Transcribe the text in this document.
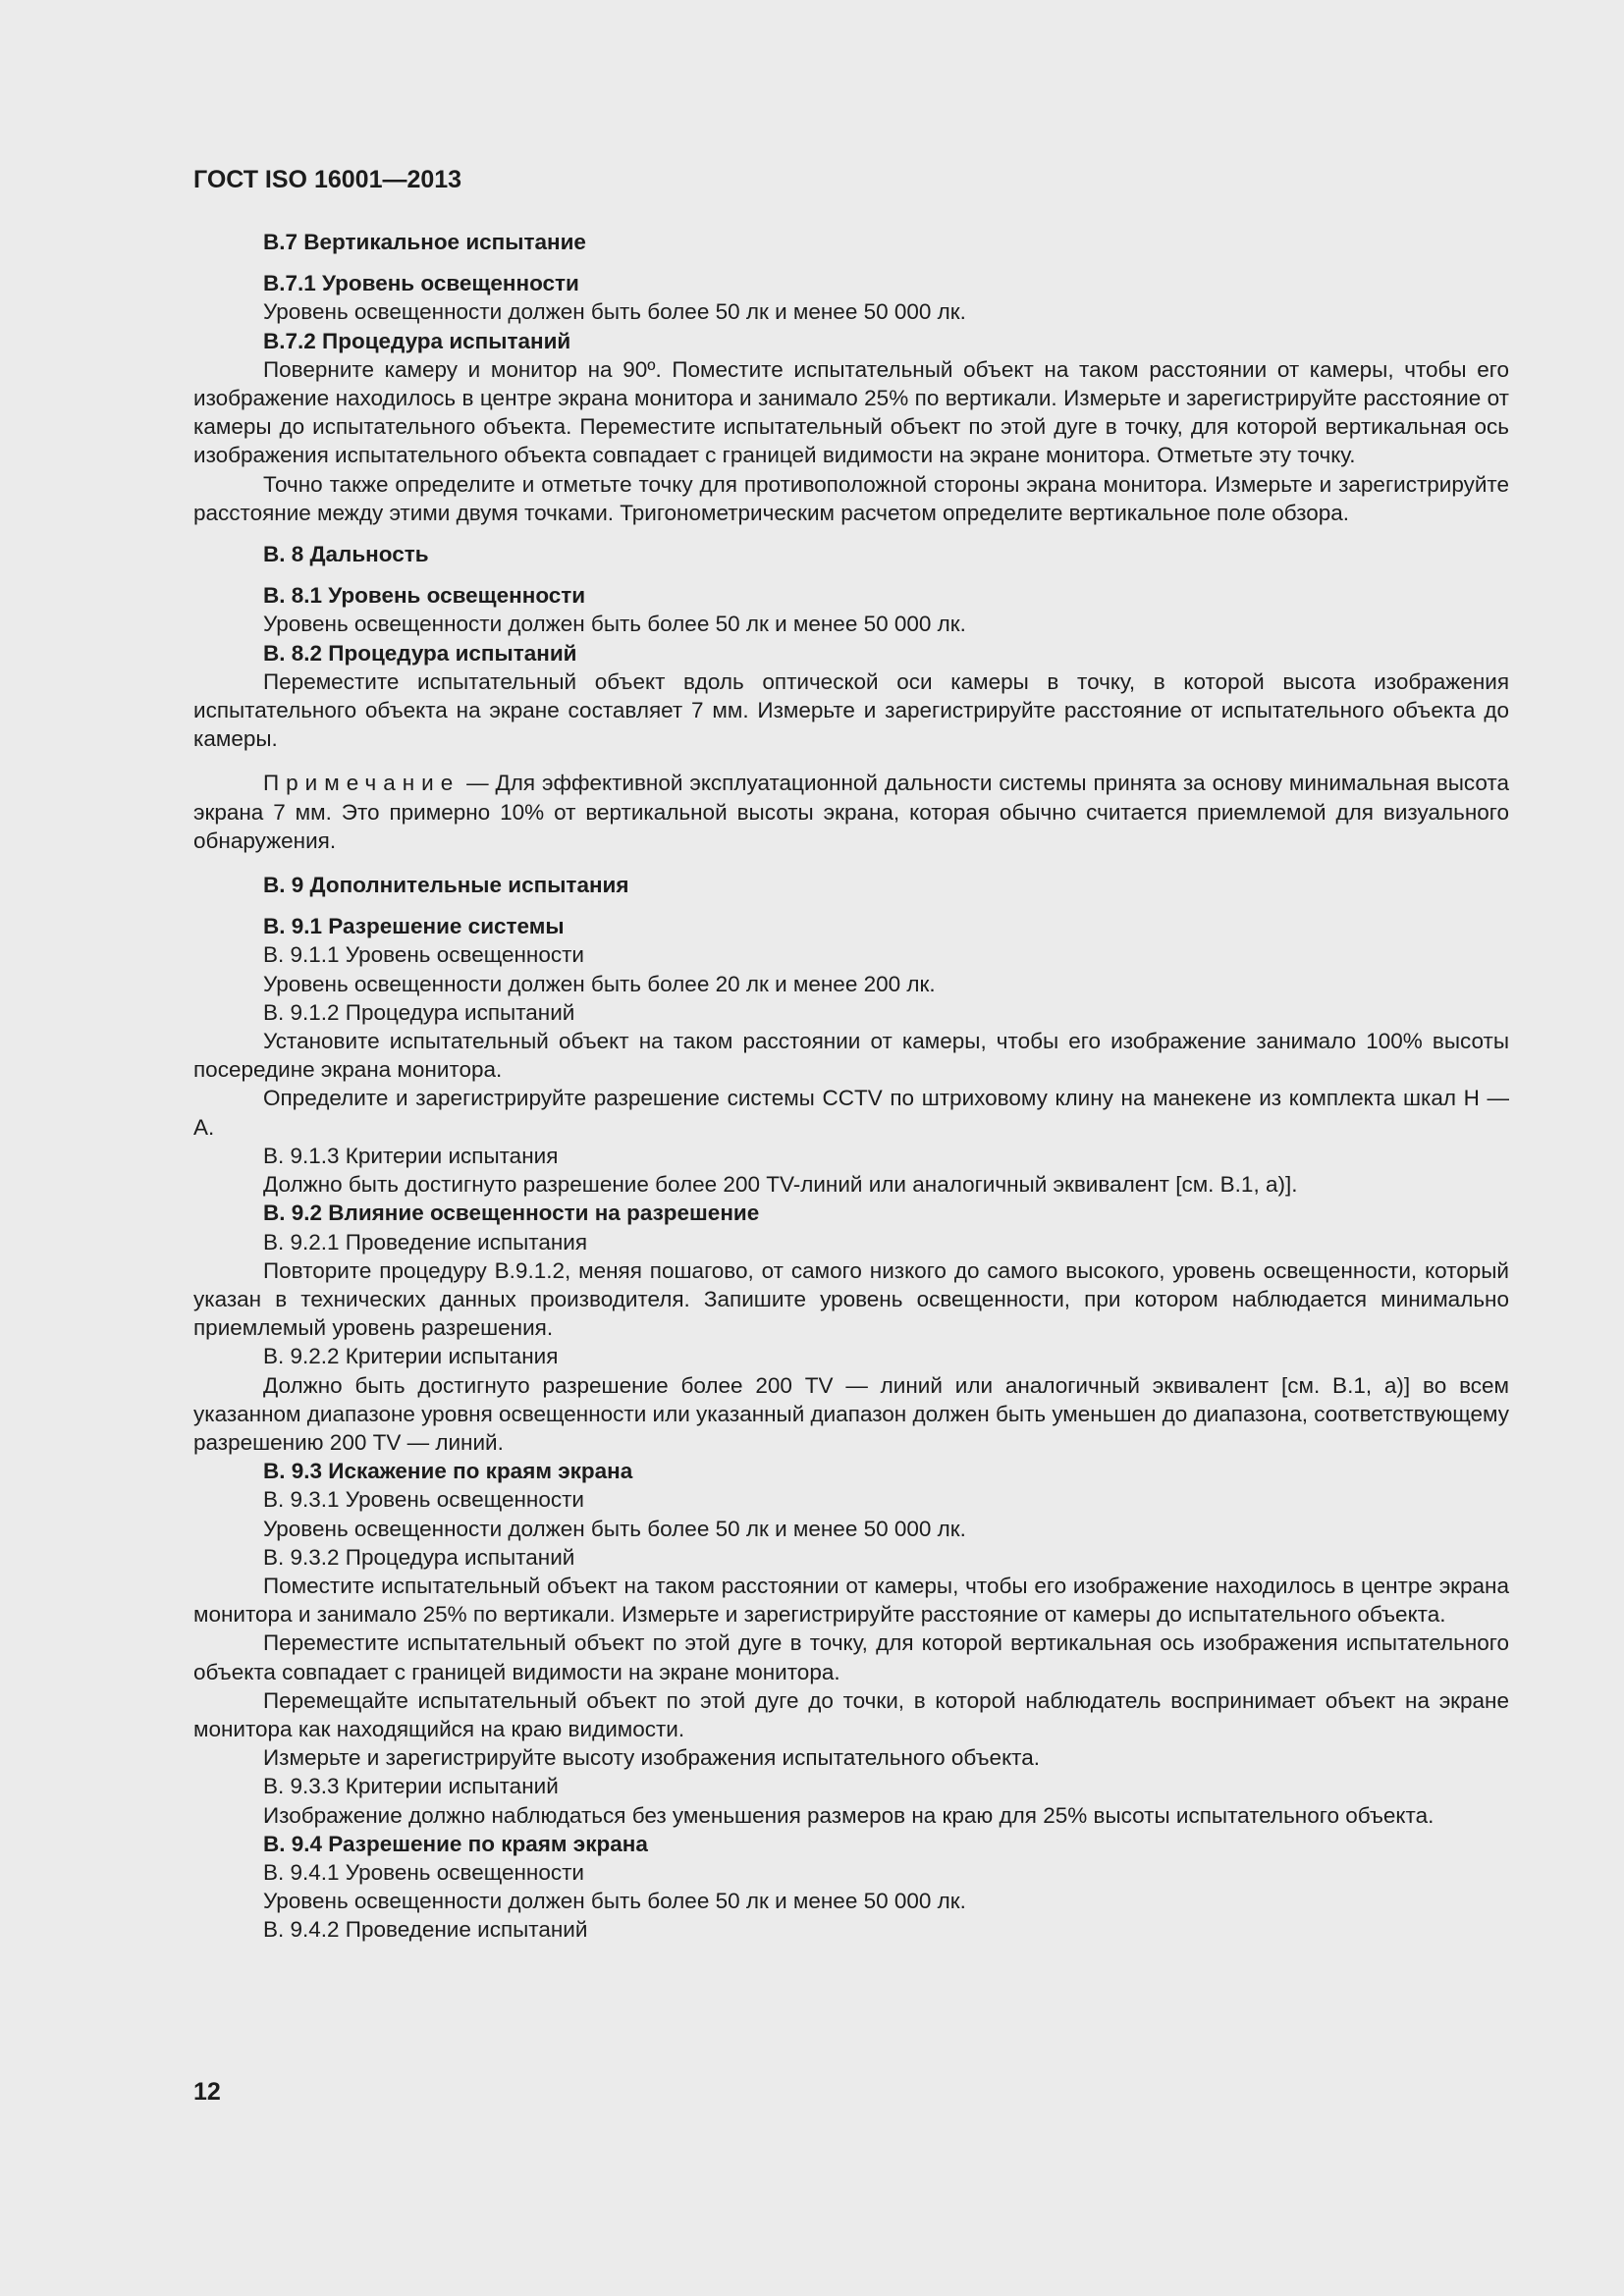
ГОСТ ISO 16001—2013

В.7 Вертикальное испытание

В.7.1 Уровень освещенности

Уровень освещенности должен быть более 50 лк и менее 50 000 лк.

В.7.2 Процедура испытаний

Поверните камеру и монитор на 90º. Поместите испытательный объект на таком расстоянии от камеры, чтобы его изображение находилось в центре экрана монитора и занимало 25% по вертикали. Измерьте и зарегистрируйте расстояние от камеры до испытательного объекта. Переместите испытательный объект по этой дуге в точку, для которой вертикальная ось изображения испытательного объекта совпадает с границей видимости на экране монитора. Отметьте эту точку.

Точно также определите и отметьте точку для противоположной стороны экрана монитора. Измерьте и зарегистрируйте расстояние между этими двумя точками. Тригонометрическим расчетом определите вертикальное поле обзора.

В. 8 Дальность

В. 8.1 Уровень освещенности

Уровень освещенности должен быть более 50 лк и менее 50 000 лк.

В. 8.2 Процедура испытаний

Переместите испытательный объект вдоль оптической оси камеры в точку, в которой высота изображения испытательного объекта на экране составляет 7 мм. Измерьте и зарегистрируйте расстояние от испытательного объекта до камеры.

Примечание — Для эффективной эксплуатационной дальности системы принята за основу минимальная высота экрана 7 мм. Это примерно 10% от вертикальной высоты экрана, которая обычно считается приемлемой для визуального обнаружения.

В. 9 Дополнительные испытания

В. 9.1 Разрешение системы

В. 9.1.1 Уровень освещенности

Уровень освещенности должен быть более 20 лк и менее 200 лк.

В. 9.1.2 Процедура испытаний

Установите испытательный объект на таком расстоянии от камеры, чтобы его изображение занимало 100% высоты посередине экрана монитора.

Определите и зарегистрируйте разрешение системы CCTV по штриховому клину на манекене из комплекта шкал Н — А.

В. 9.1.3 Критерии испытания

Должно быть достигнуто разрешение более 200 TV-линий или аналогичный эквивалент [см. В.1, а)].

В. 9.2 Влияние освещенности на разрешение

В. 9.2.1 Проведение испытания

Повторите процедуру В.9.1.2, меняя пошагово, от самого низкого до самого высокого, уровень освещенности, который указан в технических данных производителя. Запишите уровень освещенности, при котором наблюдается минимально приемлемый уровень разрешения.

В. 9.2.2 Критерии испытания

Должно быть достигнуто разрешение более 200 TV — линий или аналогичный эквивалент [см. В.1, а)] во всем указанном диапазоне уровня освещенности или указанный диапазон должен быть уменьшен до диапазона, соответствующему разрешению 200 TV — линий.

В. 9.3 Искажение по краям экрана

В. 9.3.1 Уровень освещенности

Уровень освещенности должен быть более 50 лк и менее 50 000 лк.

В. 9.3.2 Процедура испытаний

Поместите испытательный объект на таком расстоянии от камеры, чтобы его изображение находилось в центре экрана монитора и занимало 25% по вертикали. Измерьте и зарегистрируйте расстояние от камеры до испытательного объекта.

Переместите испытательный объект по этой дуге в точку, для которой вертикальная ось изображения испытательного объекта совпадает с границей видимости на экране монитора.

Перемещайте испытательный объект по этой дуге до точки, в которой наблюдатель воспринимает объект на экране монитора как находящийся на краю видимости.

Измерьте и зарегистрируйте высоту изображения испытательного объекта.

В. 9.3.3 Критерии испытаний

Изображение должно наблюдаться без уменьшения размеров на краю для 25% высоты испытательного объекта.

В. 9.4 Разрешение по краям экрана

В. 9.4.1 Уровень освещенности

Уровень освещенности должен быть более 50 лк и менее 50 000 лк.

В. 9.4.2 Проведение испытаний

12
